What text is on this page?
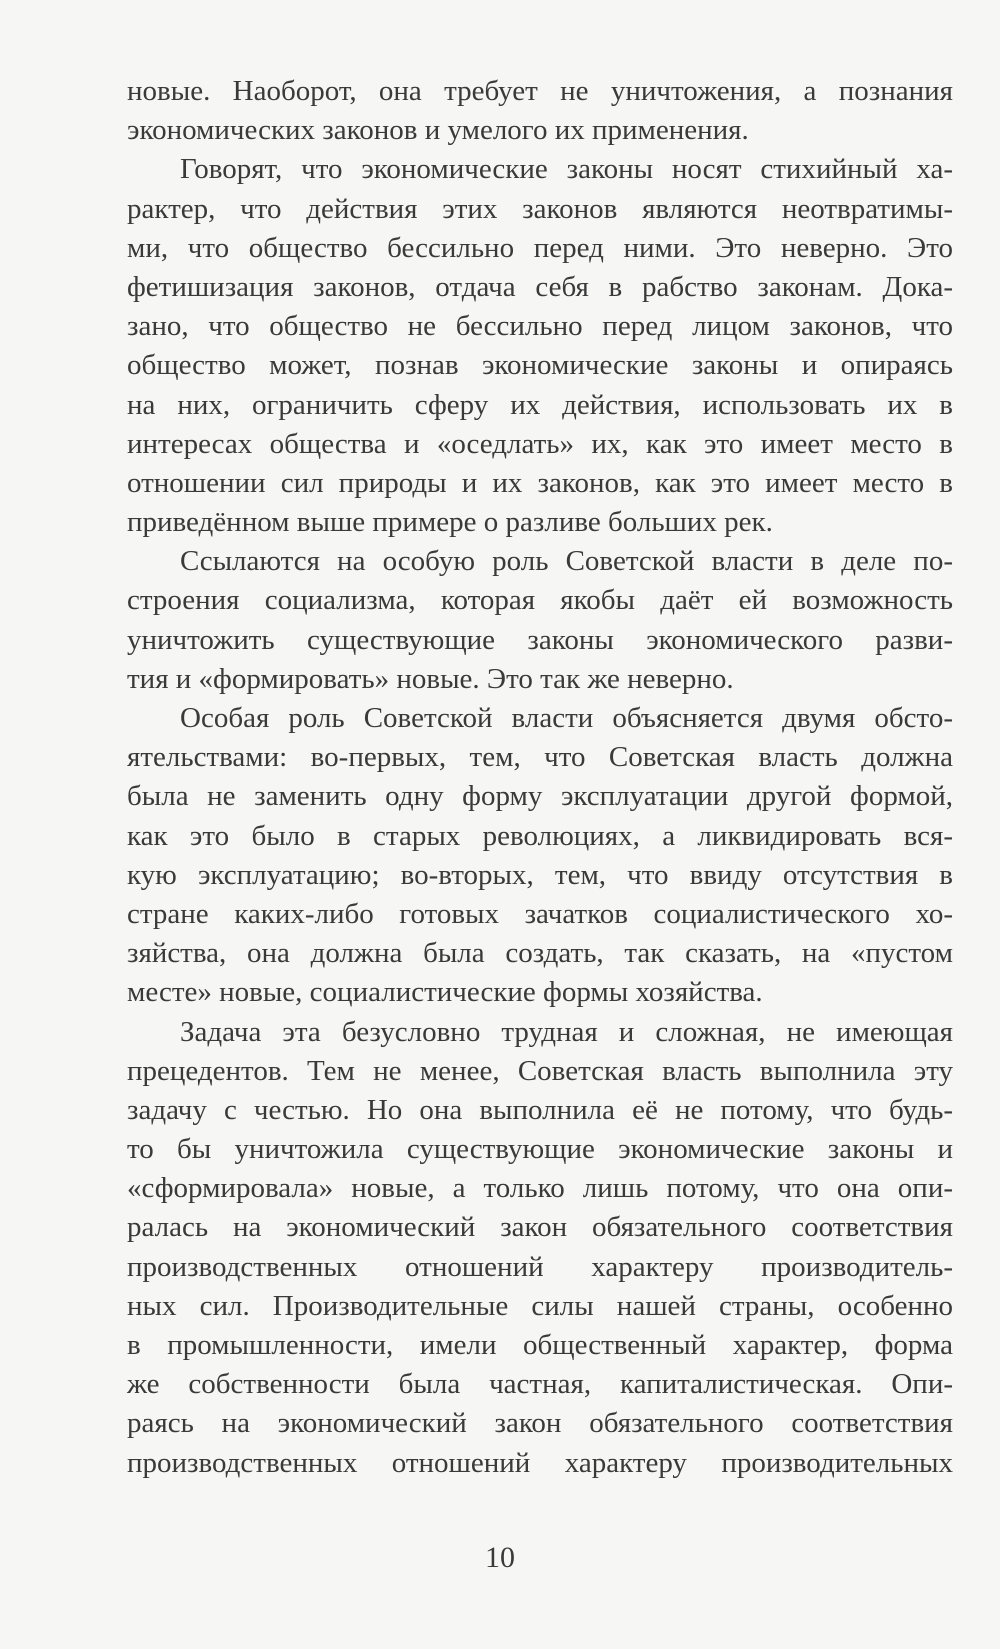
новые. Наоборот, она требует не уничтожения, а познания
экономических законов и умелого их применения.
Говорят, что экономические законы носят стихийный ха-
рактер, что действия этих законов являются неотвратимы-
ми, что общество бессильно перед ними. Это неверно. Это
фетишизация законов, отдача себя в рабство законам. Дока-
зано, что общество не бессильно перед лицом законов, что
общество может, познав экономические законы и опираясь
на них, ограничить сферу их действия, использовать их в
интересах общества и «оседлать» их, как это имеет место в
отношении сил природы и их законов, как это имеет место в
приведённом выше примере о разливе больших рек.
Ссылаются на особую роль Советской власти в деле по-
строения социализма, которая якобы даёт ей возможность
уничтожить существующие законы экономического разви-
тия и «формировать» новые. Это так же неверно.
Особая роль Советской власти объясняется двумя обсто-
ятельствами: во-первых, тем, что Советская власть должна
была не заменить одну форму эксплуатации другой формой,
как это было в старых революциях, а ликвидировать вся-
кую эксплуатацию; во-вторых, тем, что ввиду отсутствия в
стране каких-либо готовых зачатков социалистического хо-
зяйства, она должна была создать, так сказать, на «пустом
месте» новые, социалистические формы хозяйства.
Задача эта безусловно трудная и сложная, не имеющая
прецедентов. Тем не менее, Советская власть выполнила эту
задачу с честью. Но она выполнила её не потому, что будь-
то бы уничтожила существующие экономические законы и
«сформировала» новые, а только лишь потому, что она опи-
ралась на экономический закон обязательного соответствия
производственных отношений характеру производитель-
ных сил. Производительные силы нашей страны, особенно
в промышленности, имели общественный характер, форма
же собственности была частная, капиталистическая. Опи-
раясь на экономический закон обязательного соответствия
производственных отношений характеру производительных
10
